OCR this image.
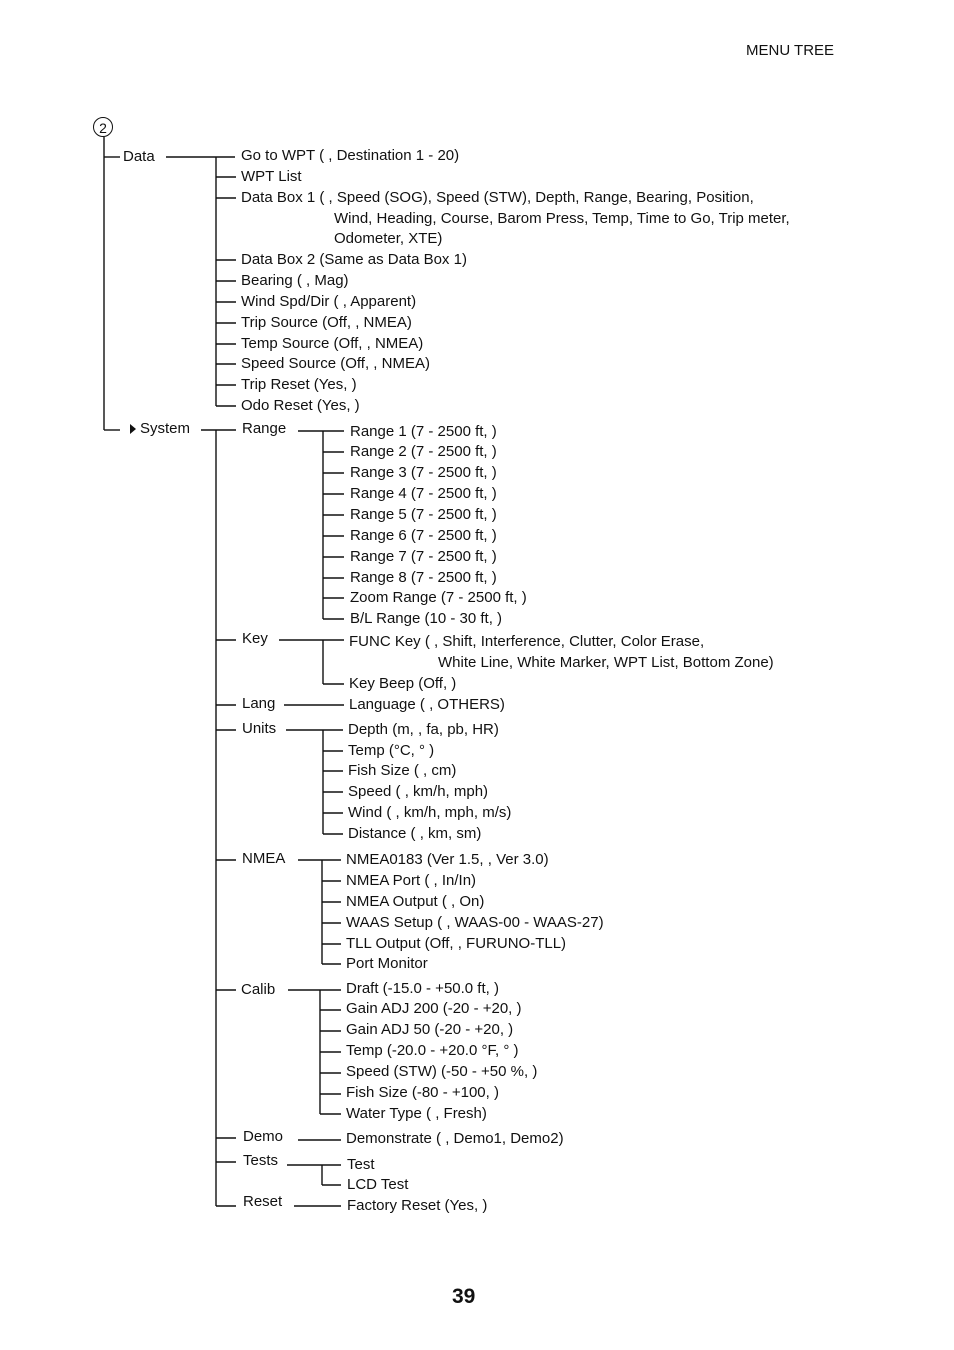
MENU TREE
2
Data	Go to WPT ( , Destination 1 - 20)
WPT List
Data Box 1 ( , Speed (SOG), Speed (STW), Depth, Range, Bearing, Position,
Wind, Heading, Course, Barom Press, Temp, Time to Go, Trip meter,
Odometer, XTE)
Data Box 2 (Same as Data Box 1)
Bearing ( , Mag)
Wind Spd/Dir ( , Apparent)
Trip Source (Off, , NMEA)
Temp Source (Off, , NMEA)
Speed Source (Off, , NMEA)
Trip Reset (Yes, )
Odo Reset (Yes, )
System	Range	Range 1 (7 - 2500 ft, )
Range 2 (7 - 2500 ft, )
Range 3 (7 - 2500 ft, )
Range 4 (7 - 2500 ft, )
Range 5 (7 - 2500 ft, )
Range 6 (7 - 2500 ft, )
Range 7 (7 - 2500 ft, )
Range 8 (7 - 2500 ft, )
Zoom Range (7 - 2500 ft, )
B/L Range (10 - 30 ft, )
Key	FUNC Key ( , Shift, Interference, Clutter, Color Erase,
White Line, White Marker, WPT List, Bottom Zone)
Key Beep (Off, )
Lang	Language ( , OTHERS)
Units	Depth (m, , fa, pb, HR)
Temp (°C, ° )
Fish Size ( , cm)
Speed ( , km/h, mph)
Wind ( , km/h, mph, m/s)
Distance ( , km, sm)
NMEA	NMEA0183 (Ver 1.5, , Ver 3.0)
NMEA Port ( , In/In)
NMEA Output ( , On)
WAAS Setup ( , WAAS-00 - WAAS-27)
TLL Output (Off, , FURUNO-TLL)
Port Monitor
Calib	Draft (-15.0 - +50.0 ft, )
Gain ADJ 200 (-20 - +20, )
Gain ADJ 50 (-20 - +20, )
Temp (-20.0 - +20.0 °F, ° )
Speed (STW) (-50 - +50 %, )
Fish Size (-80 - +100, )
Water Type ( , Fresh)
Demo	Demonstrate ( , Demo1, Demo2)
Tests	Test
LCD Test
Reset	Factory Reset (Yes, )
39
